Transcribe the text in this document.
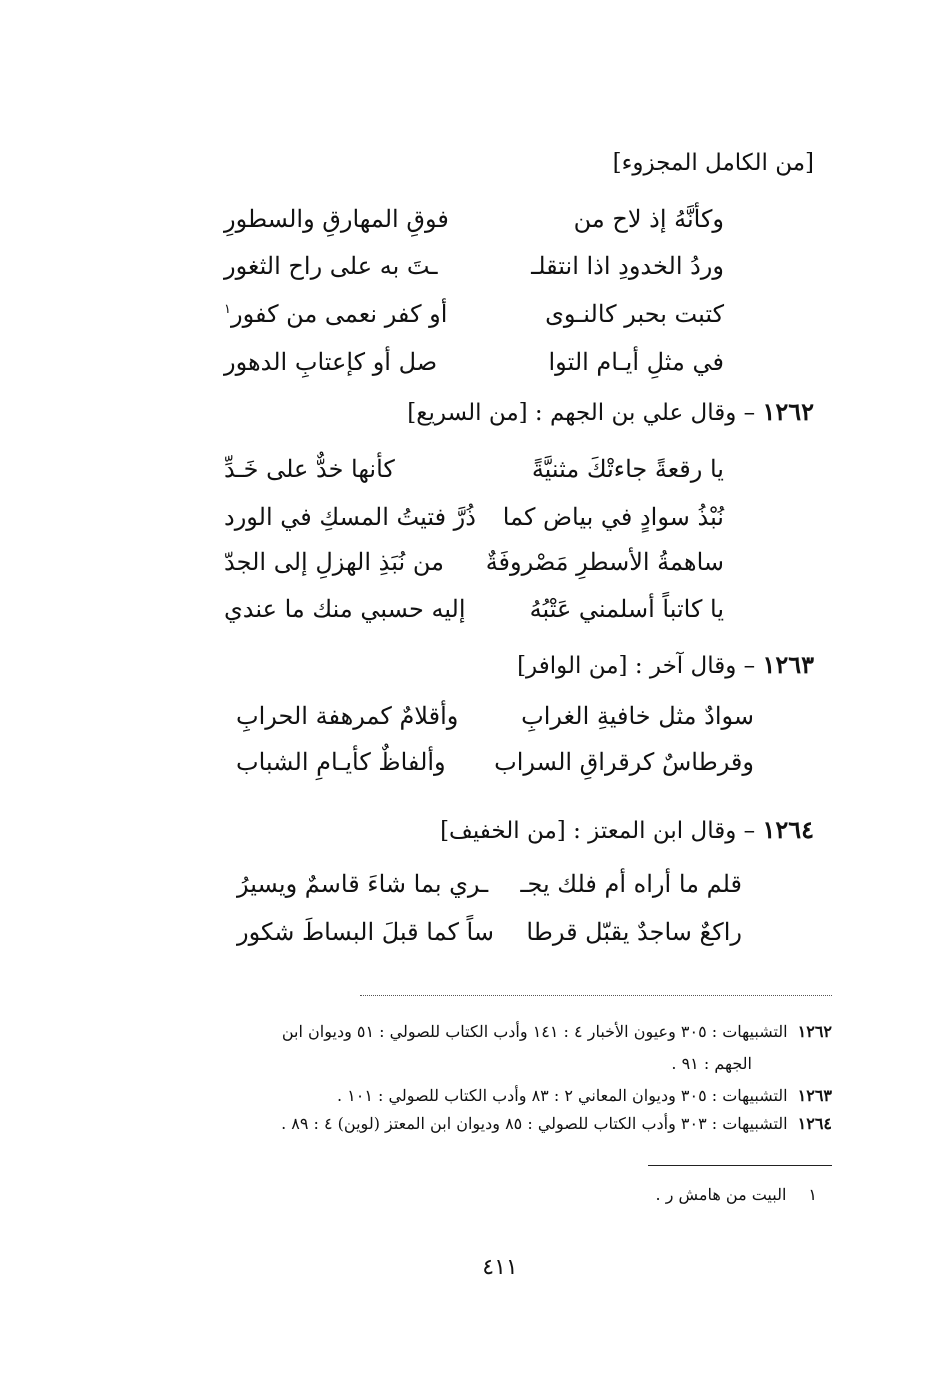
[من الكامل المجزوء]
وكأنَّهُ إذ لاح من
فوقِ المهارقِ والسطورِ
وردُ الخدودِ اذا انتقلـ
ـتَ به على راح الثغور
كتبت بحبر كالنـوى
أو كفر نعمى من كفور$^١$
في مثلِ أيـام التوا
صل أو كإعتابِ الدهور
١٢٦٢ – وقال علي بن الجهم : [من السريع]
يا رقعةً جاءتْكَ مثنيَّةً
كأنها خدٌّ على خَـدِّ
نُبْذُ سوادٍ في بياض كما
ذُرَّ فتيتُ المسكِ في الورد
ساهمةُ الأسطرِ مَصْروفَةٌ
من نُبَذِ الهزلِ إلى الجدّ
يا كاتباً أسلمني عَتْبُهُ
إليه حسبي منك ما عندي
١٢٦٣ – وقال آخر : [من الوافر]
سوادٌ مثل خافيةِ الغرابِ
وأقلامٌ كمرهفة الحرابِ
وقرطاسٌ كرقراقِ السراب
وألفاظٌ كأيـامِ الشباب
١٢٦٤ – وقال ابن المعتز : [من الخفيف]
قلم ما أراه أم فلك يجـ
ـري بما شاءَ قاسمٌ ويسيرُ
راكعٌ ساجدٌ يقبّل قرطا
ساً كما قبلَ البساطَ شكور
١٢٦٢التشبيهات : ٣٠٥ وعيون الأخبار ٤ : ١٤١ وأدب الكتاب للصولي : ٥١ وديوان ابن
الجهم : ٩١ .
١٢٦٣التشبيهات : ٣٠٥ وديوان المعاني ٢ : ٨٣ وأدب الكتاب للصولي : ١٠١ .
١٢٦٤التشبيهات : ٣٠٣ وأدب الكتاب للصولي : ٨٥ وديوان ابن المعتز (لوين) ٤ : ٨٩ .
١البيت من هامش ر .
٤١١
